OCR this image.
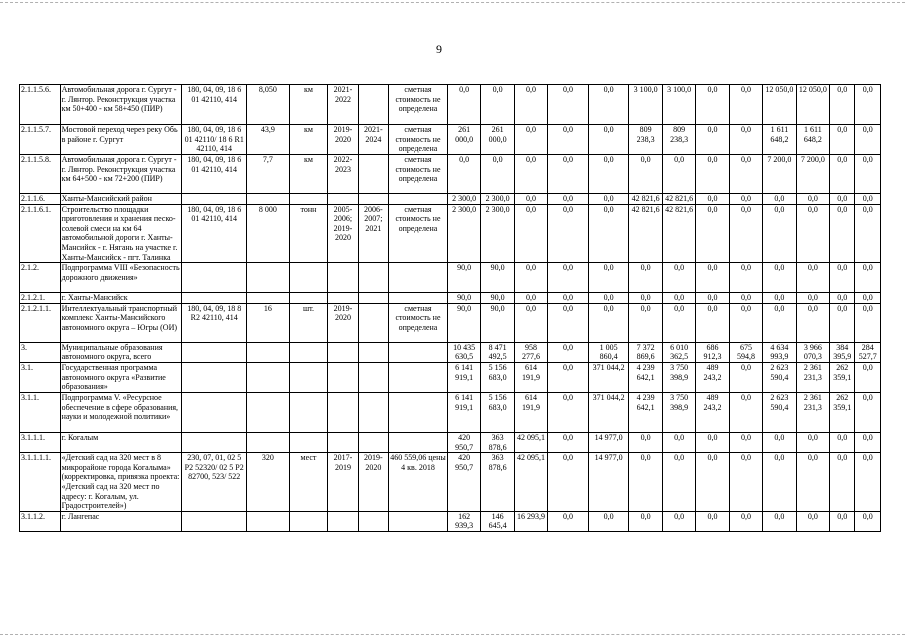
9
2.1.1.5.6.	Автомобильная дорога г. Сургут - г. Лянтор. Реконструкция участка км 50+400 - км 58+450 (ПИР)	180, 04, 09, 18 6 01 42110, 414	8,050	км	2021-2022		сметная стоимость не определена	0,0	0,0	0,0	0,0	0,0	3 100,0	3 100,0	0,0	0,0	12 050,0	12 050,0	0,0	0,0
2.1.1.5.7.	Мостовой переход через реку Обь в районе г. Сургут	180, 04, 09, 18 6 01 42110/ 18 6 R1 42110, 414	43,9	км	2019-2020	2021-2024	сметная стоимость не определена	261 000,0	261 000,0	0,0	0,0	0,0	809 238,3	809 238,3	0,0	0,0	1 611 648,2	1 611 648,2	0,0	0,0
2.1.1.5.8.	Автомобильная дорога г. Сургут - г. Лянтор. Реконструкция участка км 64+500 - км 72+200 (ПИР)	180, 04, 09, 18 6 01 42110, 414	7,7	км	2022-2023		сметная стоимость не определена	0,0	0,0	0,0	0,0	0,0	0,0	0,0	0,0	0,0	7 200,0	7 200,0	0,0	0,0
2.1.1.6.	Ханты-Мансийский район							2 300,0	2 300,0	0,0	0,0	0,0	42 821,6	42 821,6	0,0	0,0	0,0	0,0	0,0	0,0
2.1.1.6.1.	Строительство площадки приготовления и хранения песко-солевой смеси на км 64 автомобильной дороги г. Ханты-Мансийск - г. Нягань на участке г. Ханты-Мансийск - пгт. Талинка	180, 04, 09, 18 6 01 42110, 414	8 000	тонн	2005-2006; 2019-2020	2006-2007; 2021	сметная стоимость не определена	2 300,0	2 300,0	0,0	0,0	0,0	42 821,6	42 821,6	0,0	0,0	0,0	0,0	0,0	0,0
2.1.2.	Подпрограмма VIII «Безопасность дорожного движения»							90,0	90,0	0,0	0,0	0,0	0,0	0,0	0,0	0,0	0,0	0,0	0,0	0,0
2.1.2.1.	г. Ханты-Мансийск							90,0	90,0	0,0	0,0	0,0	0,0	0,0	0,0	0,0	0,0	0,0	0,0	0,0
2.1.2.1.1.	Интеллектуальный транспортный комплекс Ханты-Мансийского автономного округа – Югры (ОИ)	180, 04, 09, 18 8 R2 42110, 414	16	шт.	2019-2020		сметная стоимость не определена	90,0	90,0	0,0	0,0	0,0	0,0	0,0	0,0	0,0	0,0	0,0	0,0	0,0
3.	Муниципальные образования автономного округа, всего							10 435 630,5	8 471 492,5	958 277,6	0,0	1 005 860,4	7 372 869,6	6 010 362,5	686 912,3	675 594,8	4 634 993,9	3 966 070,3	384 395,9	284 527,7
3.1.	Государственная программа автономного округа «Развитие образования»							6 141 919,1	5 156 683,0	614 191,9	0,0	371 044,2	4 239 642,1	3 750 398,9	489 243,2	0,0	2 623 590,4	2 361 231,3	262 359,1	0,0
3.1.1.	Подпрограмма V. «Ресурсное обеспечение в сфере образования, науки и молодежной политики»							6 141 919,1	5 156 683,0	614 191,9	0,0	371 044,2	4 239 642,1	3 750 398,9	489 243,2	0,0	2 623 590,4	2 361 231,3	262 359,1	0,0
3.1.1.1.	г. Когалым							420 950,7	363 878,6	42 095,1	0,0	14 977,0	0,0	0,0	0,0	0,0	0,0	0,0	0,0	0,0
3.1.1.1.1.	«Детский сад на 320 мест в 8 микрорайоне города Когалыма» (корректировка, привязка проекта: «Детский сад на 320 мест по адресу: г. Когалым, ул. Градостроителей»)	230, 07, 01, 02 5 P2 52320/ 02 5 P2 82700, 523/ 522	320	мест	2017-2019	2019-2020	460 559,06 цены 4 кв. 2018	420 950,7	363 878,6	42 095,1	0,0	14 977,0	0,0	0,0	0,0	0,0	0,0	0,0	0,0	0,0
3.1.1.2.	г. Лангепас							162 939,3	146 645,4	16 293,9	0,0	0,0	0,0	0,0	0,0	0,0	0,0	0,0	0,0	0,0
